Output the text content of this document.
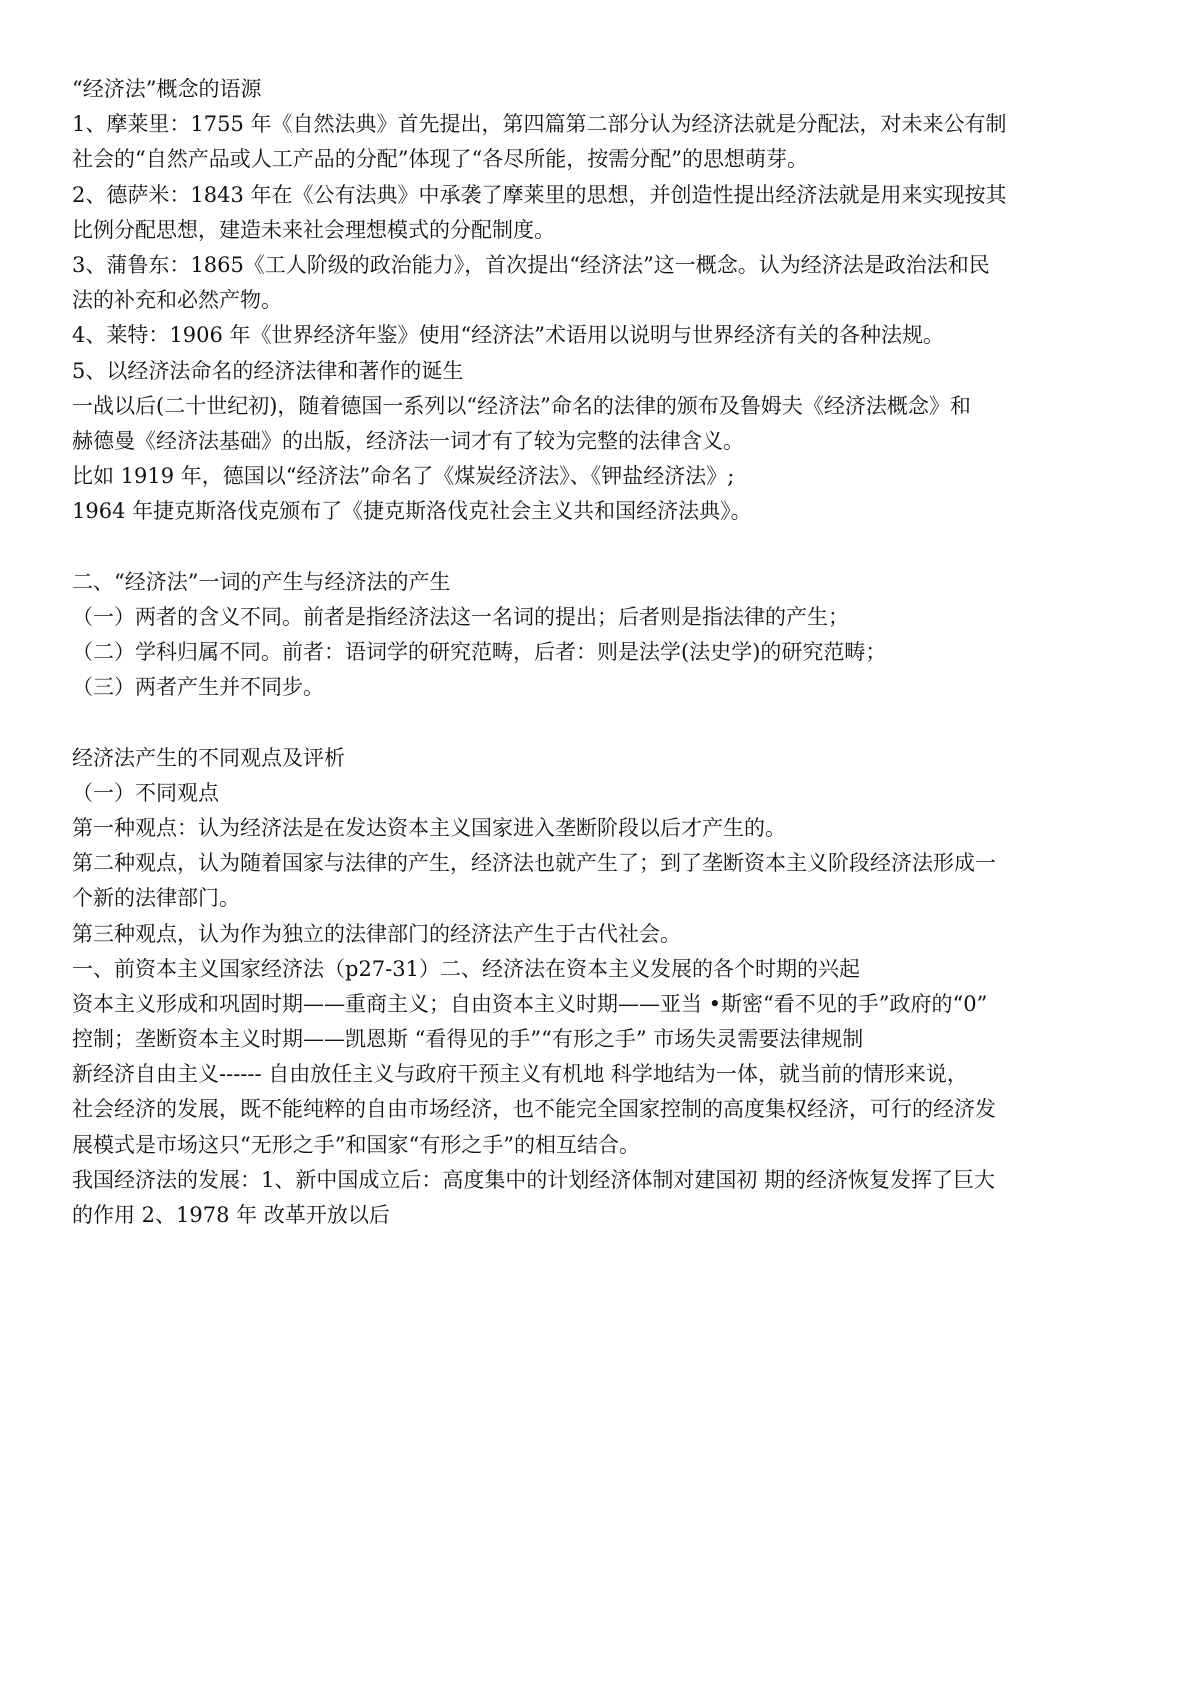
“经济法”概念的语源
1、摩莱里：1755 年《自然法典》首先提出，第四篇第二部分认为经济法就是分配法，对未来公有制
社会的“自然产品或人工产品的分配”体现了“各尽所能，按需分配”的思想萌芽。
2、德萨米：1843 年在《公有法典》中承袭了摩莱里的思想，并创造性提出经济法就是用来实现按其
比例分配思想，建造未来社会理想模式的分配制度。
3、蒲鲁东：1865《工人阶级的政治能力》，首次提出“经济法”这一概念。认为经济法是政治法和民
法的补充和必然产物。
4、莱特：1906 年《世界经济年鉴》使用“经济法”术语用以说明与世界经济有关的各种法规。
5、以经济法命名的经济法律和著作的诞生
一战以后(二十世纪初)，随着德国一系列以“经济法”命名的法律的颁布及鲁姆夫《经济法概念》和
赫德曼《经济法基础》的出版，经济法一词才有了较为完整的法律含义。
比如 1919 年，德国以“经济法”命名了《煤炭经济法》、《钾盐经济法》;
1964 年捷克斯洛伐克颁布了《捷克斯洛伐克社会主义共和国经济法典》。
二、“经济法”一词的产生与经济法的产生
（一）两者的含义不同。前者是指经济法这一名词的提出；后者则是指法律的产生；
（二）学科归属不同。前者：语词学的研究范畴，后者：则是法学(法史学)的研究范畴；
（三）两者产生并不同步。
经济法产生的不同观点及评析
（一）不同观点
第一种观点：认为经济法是在发达资本主义国家进入垄断阶段以后才产生的。
第二种观点，认为随着国家与法律的产生，经济法也就产生了；到了垄断资本主义阶段经济法形成一
个新的法律部门。
第三种观点，认为作为独立的法律部门的经济法产生于古代社会。
一、前资本主义国家经济法（p27-31）二、经济法在资本主义发展的各个时期的兴起
资本主义形成和巩固时期——重商主义；自由资本主义时期——亚当 •斯密“看不见的手”政府的“0”
控制；垄断资本主义时期——凯恩斯 “看得见的手”“有形之手” 市场失灵需要法律规制
新经济自由主义------ 自由放任主义与政府干预主义有机地 科学地结为一体，就当前的情形来说，
社会经济的发展，既不能纯粹的自由市场经济，也不能完全国家控制的高度集权经济，可行的经济发
展模式是市场这只“无形之手”和国家“有形之手”的相互结合。
我国经济法的发展：1、新中国成立后：高度集中的计划经济体制对建国初 期的经济恢复发挥了巨大
的作用 2、1978 年 改革开放以后
